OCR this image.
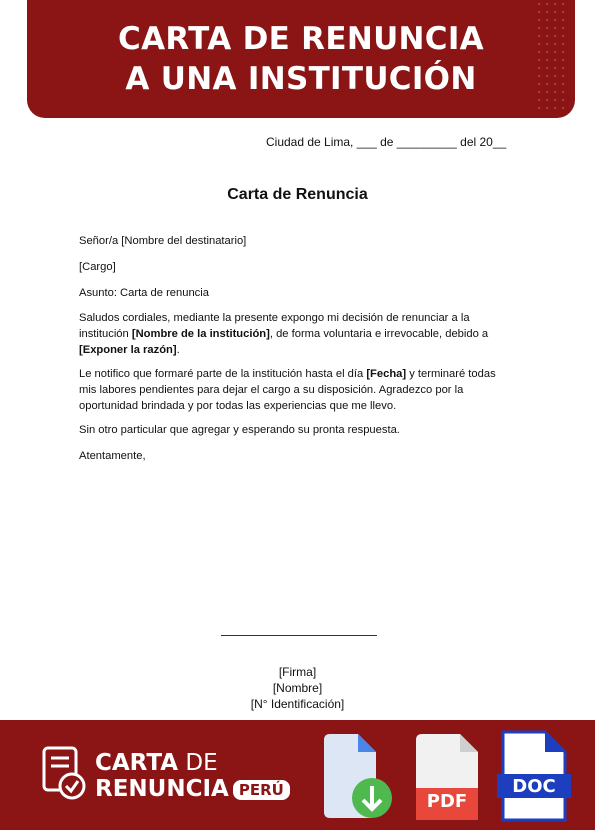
CARTA DE RENUNCIA
A UNA INSTITUCIÓN
Ciudad de Lima, ___ de _________ del 20__
Carta de Renuncia
Señor/a [Nombre del destinatario]
[Cargo]
Asunto: Carta de renuncia
Saludos cordiales, mediante la presente expongo mi decisión de renunciar a la institución [Nombre de la institución], de forma voluntaria e irrevocable, debido a [Exponer la razón].
Le notifico que formaré parte de la institución hasta el día [Fecha] y terminaré todas mis labores pendientes para dejar el cargo a su disposición. Agradezco por la oportunidad brindada y por todas las experiencias que me llevo.
Sin otro particular que agregar y esperando su pronta respuesta.
Atentamente,
[Firma]
[Nombre]
[N° Identificación]
CARTA DE
RENUNCIA PERÚ
PDF
DOC
